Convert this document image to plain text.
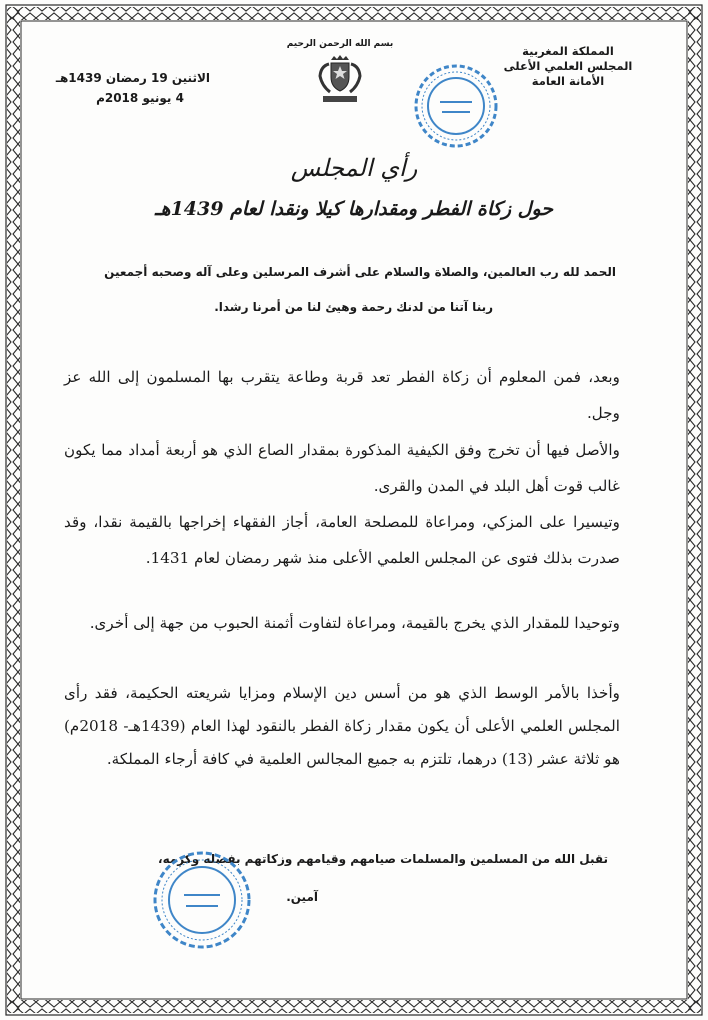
المملكة المغربية
المجلس العلمي الأعلى
الأمانة العامة
بسم الله الرحمن الرحيم
الاثنين 19 رمضان 1439هـ
4 يونيو 2018م
رأي المجلس
حول زكاة الفطر ومقدارها كيلا ونقدا لعام 1439هـ
الحمد لله رب العالمين، والصلاة والسلام على أشرف المرسلين وعلى آله وصحبه أجمعين
ربنا آتنا من لدنك رحمة وهيئ لنا من أمرنا رشدا.
وبعد، فمن المعلوم أن زكاة الفطر تعد قربة وطاعة يتقرب بها المسلمون إلى الله عز وجل.
والأصل فيها أن تخرج وفق الكيفية المذكورة بمقدار الصاع الذي هو أربعة أمداد مما يكون غالب قوت أهل البلد في المدن والقرى.
وتيسيرا على المزكي، ومراعاة للمصلحة العامة، أجاز الفقهاء إخراجها بالقيمة نقدا، وقد صدرت بذلك فتوى عن المجلس العلمي الأعلى منذ شهر رمضان لعام 1431.
وتوحيدا للمقدار الذي يخرج بالقيمة، ومراعاة لتفاوت أثمنة الحبوب من جهة إلى أخرى.
وأخذا بالأمر الوسط الذي هو من أسس دين الإسلام ومزايا شريعته الحكيمة، فقد رأى المجلس العلمي الأعلى أن يكون مقدار زكاة الفطر بالنقود لهذا العام (1439هـ- 2018م) هو ثلاثة عشر (13) درهما، تلتزم به جميع المجالس العلمية في كافة أرجاء المملكة.
تقبل الله من المسلمين والمسلمات صيامهم وقيامهم وزكاتهم بفضله وكرمه،
آمين.
